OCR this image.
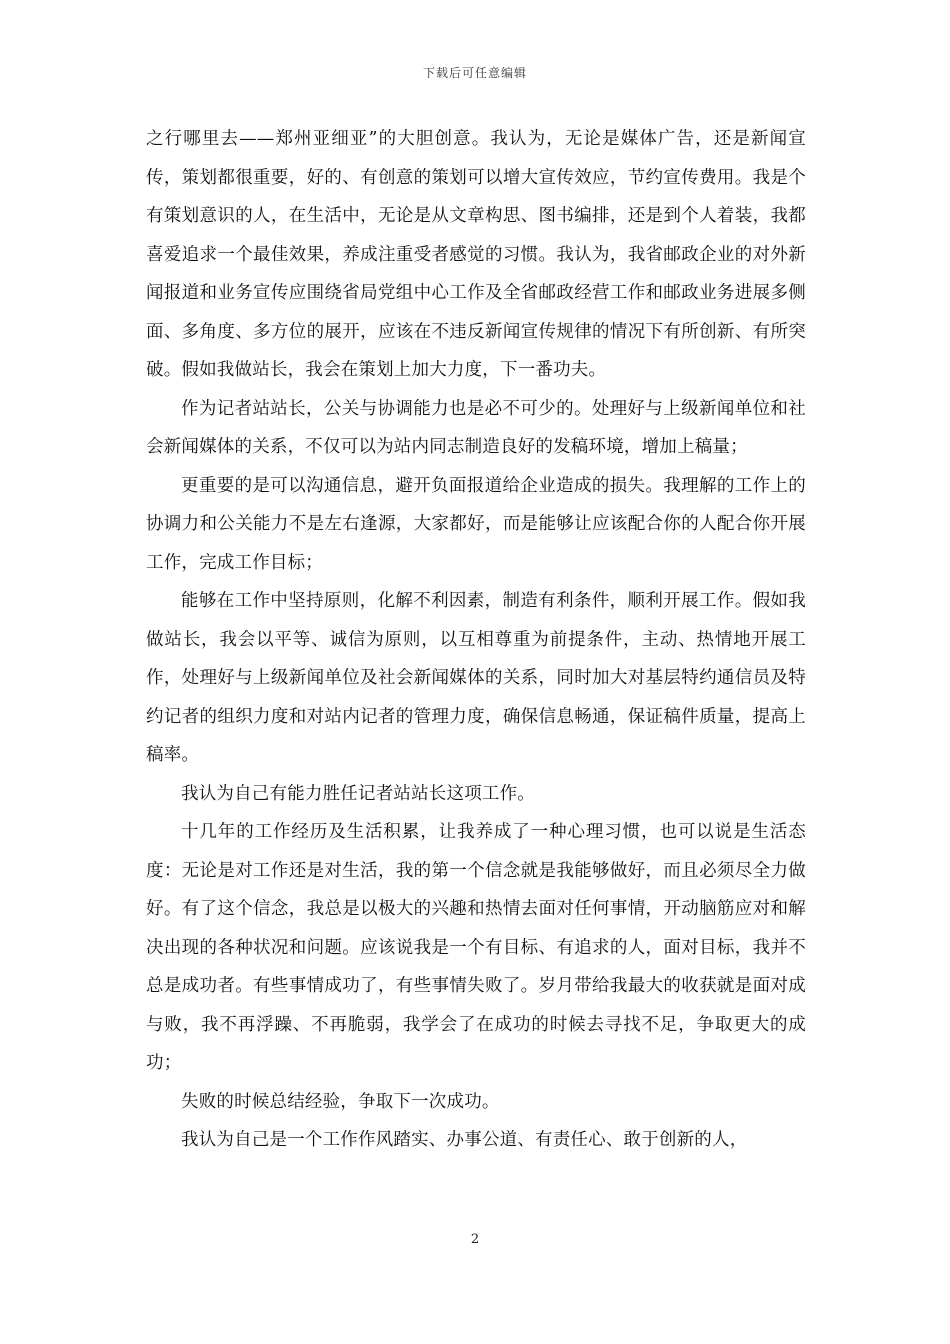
下载后可任意编辑

之行哪里去——郑州亚细亚”的大胆创意。我认为，无论是媒体广告，还是新闻宣传，策划都很重要，好的、有创意的策划可以增大宣传效应，节约宣传费用。我是个有策划意识的人，在生活中，无论是从文章构思、图书编排，还是到个人着装，我都喜爱追求一个最佳效果，养成注重受者感觉的习惯。我认为，我省邮政企业的对外新闻报道和业务宣传应围绕省局党组中心工作及全省邮政经营工作和邮政业务进展多侧面、多角度、多方位的展开，应该在不违反新闻宣传规律的情况下有所创新、有所突破。假如我做站长，我会在策划上加大力度，下一番功夫。

作为记者站站长，公关与协调能力也是必不可少的。处理好与上级新闻单位和社会新闻媒体的关系，不仅可以为站内同志制造良好的发稿环境，增加上稿量；

更重要的是可以沟通信息，避开负面报道给企业造成的损失。我理解的工作上的协调力和公关能力不是左右逢源，大家都好，而是能够让应该配合你的人配合你开展工作，完成工作目标；

能够在工作中坚持原则，化解不利因素，制造有利条件，顺利开展工作。假如我做站长，我会以平等、诚信为原则，以互相尊重为前提条件，主动、热情地开展工作，处理好与上级新闻单位及社会新闻媒体的关系，同时加大对基层特约通信员及特约记者的组织力度和对站内记者的管理力度，确保信息畅通，保证稿件质量，提高上稿率。

我认为自己有能力胜任记者站站长这项工作。

十几年的工作经历及生活积累，让我养成了一种心理习惯，也可以说是生活态度：无论是对工作还是对生活，我的第一个信念就是我能够做好，而且必须尽全力做好。有了这个信念，我总是以极大的兴趣和热情去面对任何事情，开动脑筋应对和解决出现的各种状况和问题。应该说我是一个有目标、有追求的人，面对目标，我并不总是成功者。有些事情成功了，有些事情失败了。岁月带给我最大的收获就是面对成与败，我不再浮躁、不再脆弱，我学会了在成功的时候去寻找不足，争取更大的成功；

失败的时候总结经验，争取下一次成功。

我认为自己是一个工作作风踏实、办事公道、有责任心、敢于创新的人，

2
